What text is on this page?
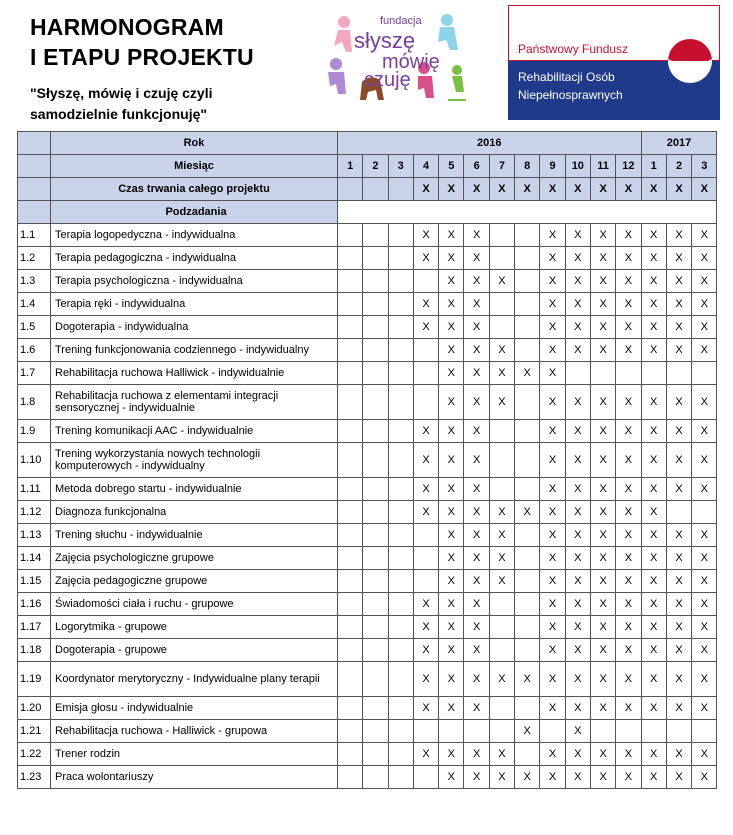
HARMONOGRAM
I ETAPU PROJEKTU
"Słyszę, mówię i czuję czyli
samodzielnie funkcjonuję"
fundacja
słyszę
mówię
czuję
Państwowy Fundusz
Rehabilitacji Osób
Niepełnosprawnych
	Rok	2016												2017		
	Miesiąc	1	2	3	4	5	6	7	8	9	10	11	12	1	2	3
	Czas trwania całego projektu				X	X	X	X	X	X	X	X	X	X	X	X
	Podzadania															
1.1	Terapia logopedyczna - indywidualna				X	X	X			X	X	X	X	X	X	X
1.2	Terapia pedagogiczna - indywidualna				X	X	X			X	X	X	X	X	X	X
1.3	Terapia psychologiczna - indywidualna					X	X	X		X	X	X	X	X	X	X
1.4	Terapia ręki - indywidualna				X	X	X			X	X	X	X	X	X	X
1.5	Dogoterapia - indywidualna				X	X	X			X	X	X	X	X	X	X
1.6	Trening funkcjonowania codziennego - indywidualny					X	X	X		X	X	X	X	X	X	X
1.7	Rehabilitacja ruchowa Halliwick - indywidualnie					X	X	X	X	X						
1.8	Rehabilitacja ruchowa z elementami integracji sensorycznej - indywidualnie					X	X	X		X	X	X	X	X	X	X
1.9	Trening komunikacji AAC - indywidualnie				X	X	X			X	X	X	X	X	X	X
1.10	Trening wykorzystania nowych technologii komputerowych - indywidualny				X	X	X			X	X	X	X	X	X	X
1.11	Metoda dobrego startu - indywidualnie				X	X	X			X	X	X	X	X	X	X
1.12	Diagnoza funkcjonalna				X	X	X	X	X	X	X	X	X	X		
1.13	Trening słuchu - indywidualnie					X	X	X		X	X	X	X	X	X	X
1.14	Zajęcia psychologiczne grupowe					X	X	X		X	X	X	X	X	X	X
1.15	Zajęcia pedagogiczne grupowe					X	X	X		X	X	X	X	X	X	X
1.16	Świadomości ciała i ruchu - grupowe				X	X	X			X	X	X	X	X	X	X
1.17	Logorytmika - grupowe				X	X	X			X	X	X	X	X	X	X
1.18	Dogoterapia - grupowe				X	X	X			X	X	X	X	X	X	X
1.19	Koordynator merytoryczny - Indywidualne plany terapii				X	X	X	X	X	X	X	X	X	X	X	X
1.20	Emisja głosu - indywidualnie				X	X	X			X	X	X	X	X	X	X
1.21	Rehabilitacja ruchowa - Halliwick - grupowa								X		X					
1.22	Trener rodzin				X	X	X	X		X	X	X	X	X	X	X
1.23	Praca wolontariuszy					X	X	X	X	X	X	X	X	X	X	X
